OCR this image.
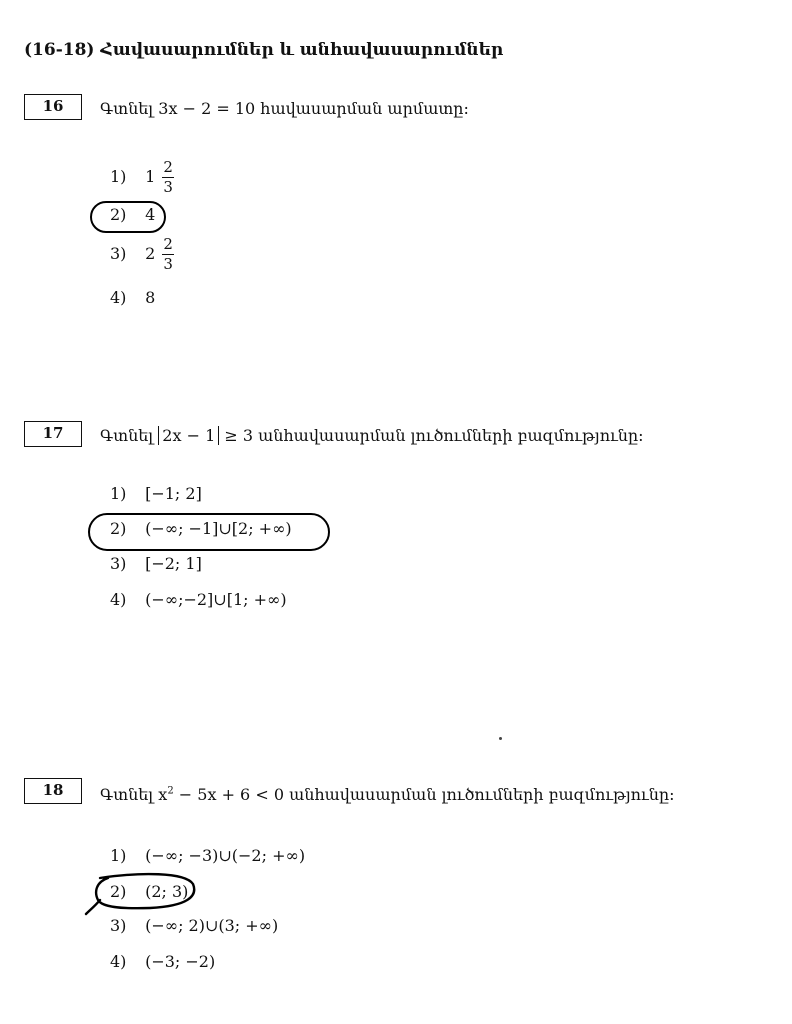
(16-18) Հավասարումներ և անհավասարումներ
16	Գտնել 3x − 2 = 10 հավասարման արմատը:
1) $1 \frac{2}{3}$
2) 4
3) $2 \frac{2}{3}$
4) 8
17	Գտնել 2x − 1 ≥ 3 անհավասարման լուծումների բազմությունը:
1) [−1; 2]
2) (−∞; −1]∪[2; +∞)
3) [−2; 1]
4) (−∞;−2]∪[1; +∞)
18	Գտնել $x^2 - 5x + 6 < 0$ անհավասարման լուծումների բազմությունը:
1) (−∞; −3)∪(−2; +∞)
2) (2; 3)
3) (−∞; 2)∪(3; +∞)
4) (−3; −2)
